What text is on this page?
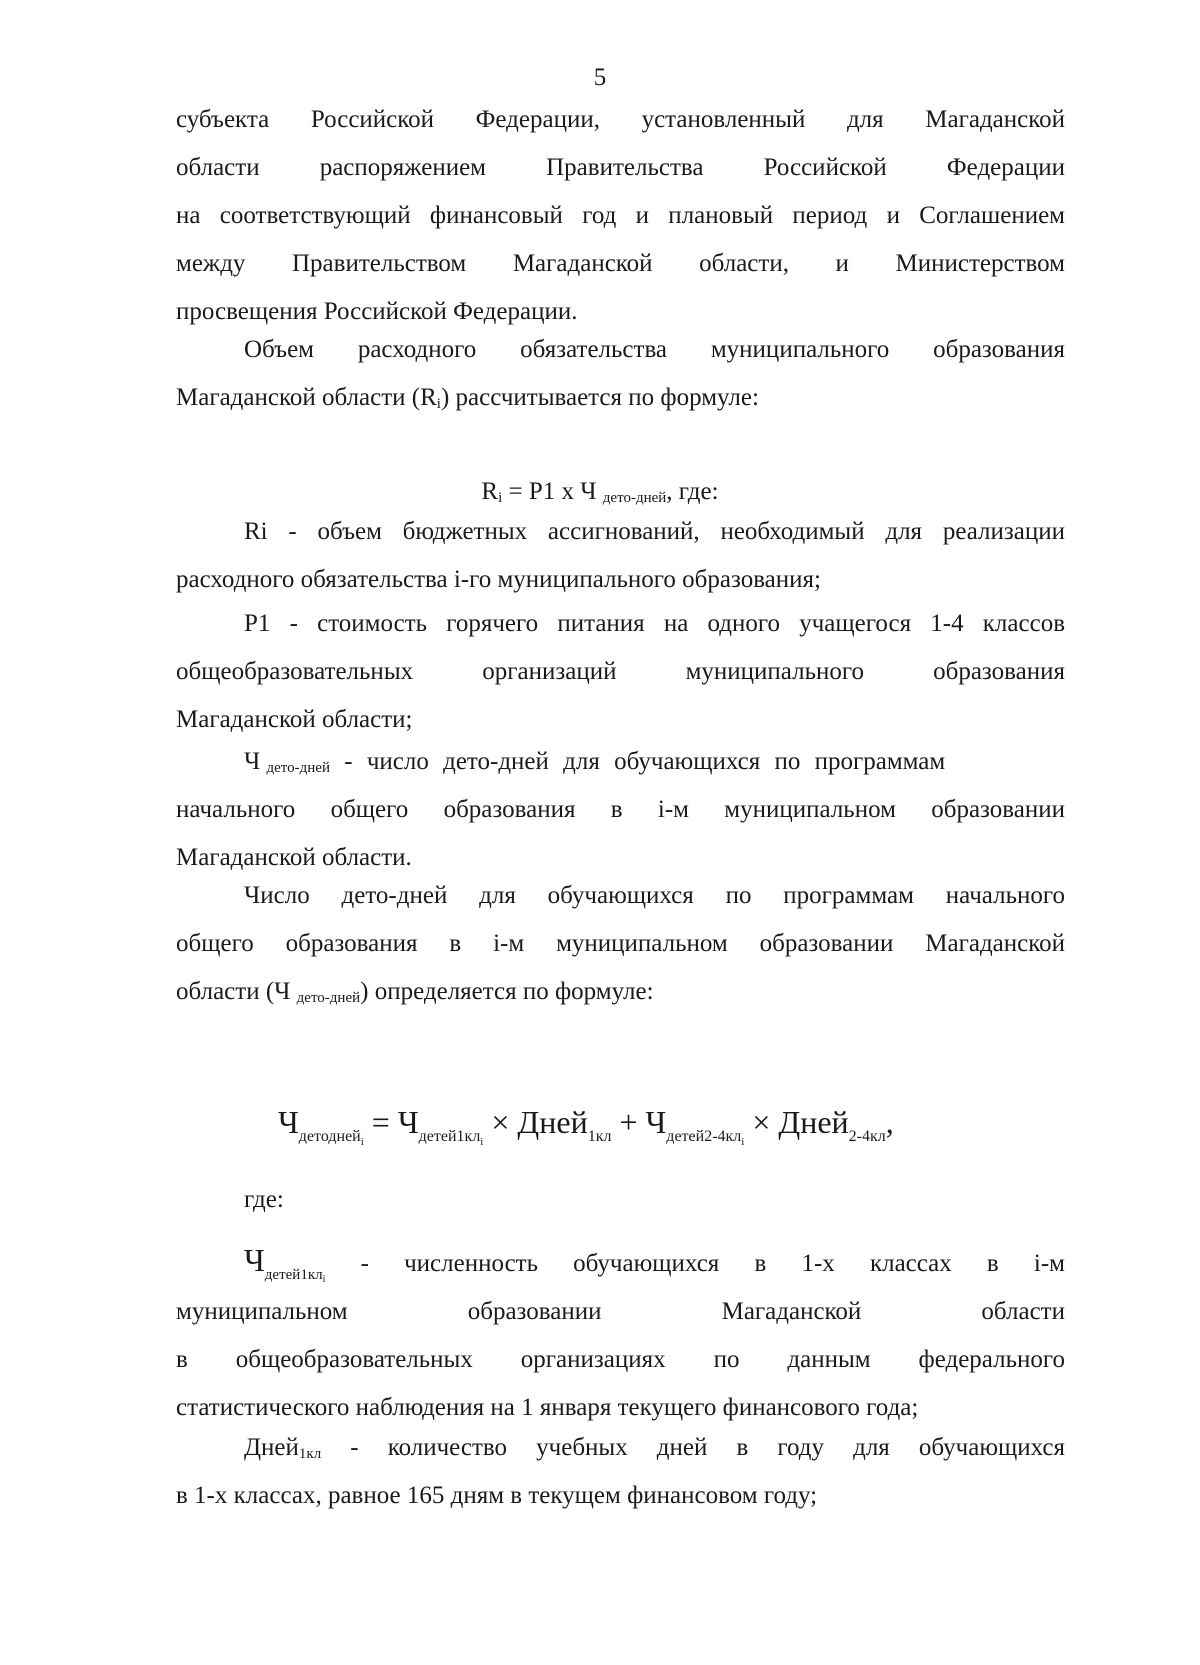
5
субъекта Российской Федерации, установленный для Магаданской
области распоряжением Правительства Российской Федерации
на соответствующий финансовый год и плановый период и Соглашением
между Правительством Магаданской области, и Министерством
просвещения Российской Федерации.
Объем расходного обязательства муниципального образования
Магаданской области $(R_i)$ рассчитывается по формуле:
$R_i = P1$ x Ч $_{дето-дней}$, где:
Ri - объем бюджетных ассигнований, необходимый для реализации
расходного обязательства i-го муниципального образования;
P1 - стоимость горячего питания на одного учащегося 1-4 классов
общеобразовательных организаций муниципального образования
Магаданской области;
Ч $_{дето-дней}$ - число дето-дней для обучающихся по программам
начального общего образования в i-м муниципальном образовании
Магаданской области.
Число дето-дней для обучающихся по программам начального
общего образования в i-м муниципальном образовании Магаданской
области (Ч $_{дето-дней}$) определяется по формуле:
$Ч_{детодней_i} = Ч_{детей1кл_i}$ × Дней$_{1кл}$ + $Ч_{детей2-4кл_i}$ × Дней$_{2-4кл}$,
где:
$Ч_{детей1кл_i}$ - численность обучающихся в 1-х классах в i-м
муниципальном образовании Магаданской области
в общеобразовательных организациях по данным федерального
статистического наблюдения на 1 января текущего финансового года;
Дней$_{1кл}$ - количество учебных дней в году для обучающихся
в 1-х классах, равное 165 дням в текущем финансовом году;
